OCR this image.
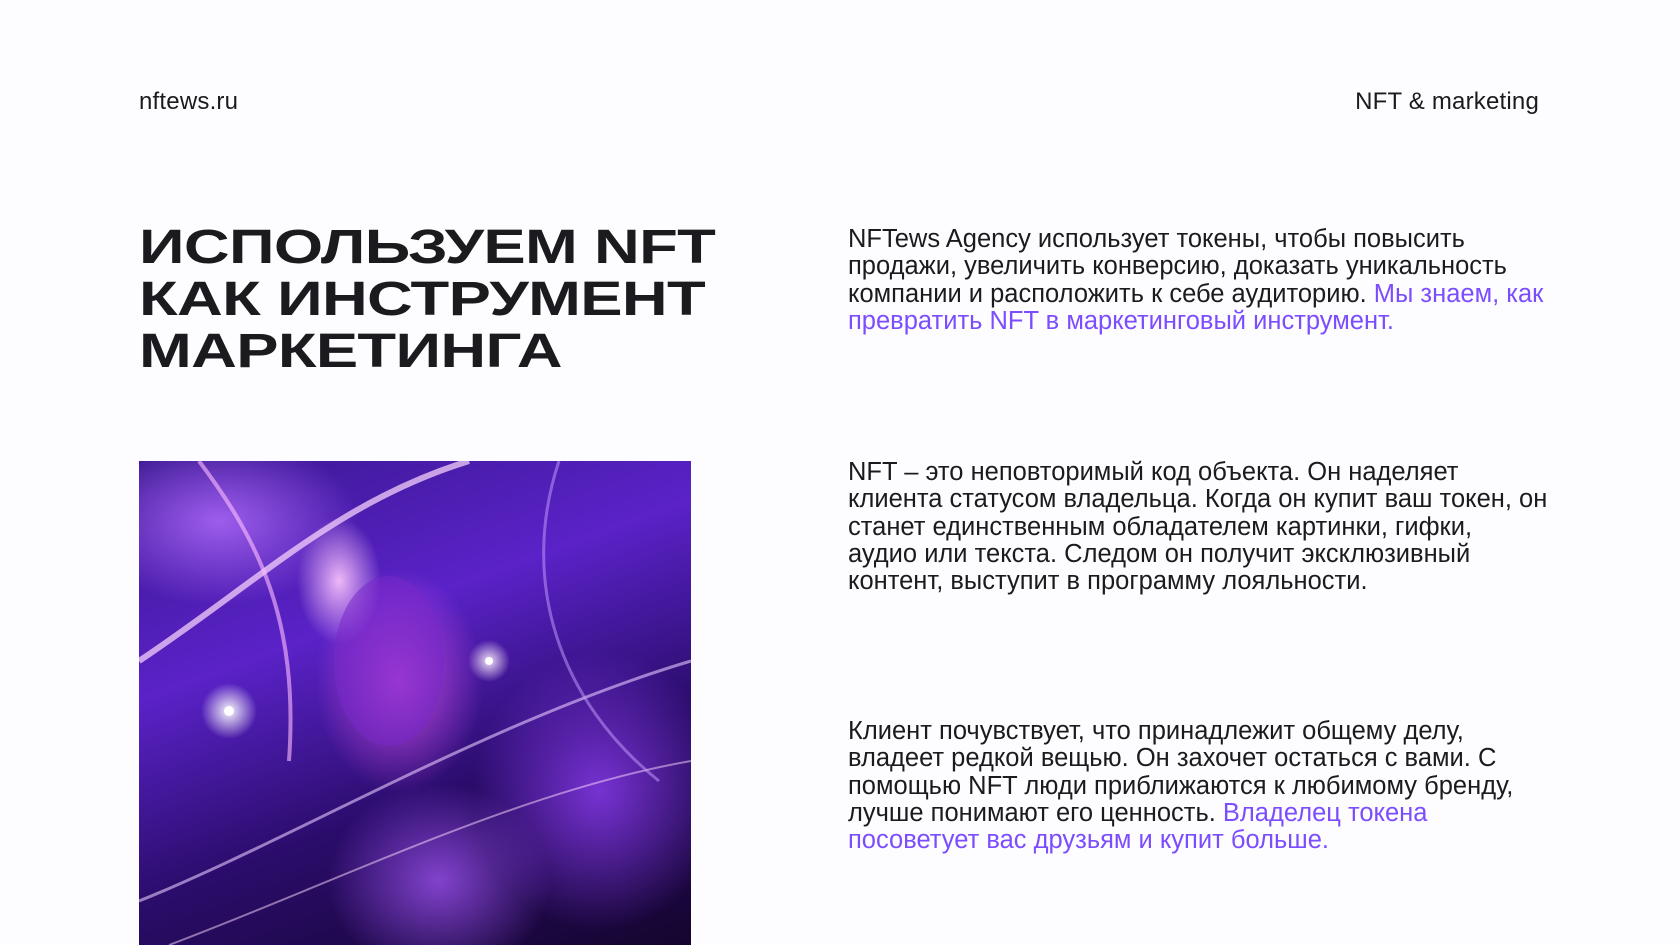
nftews.ru	NFT & marketing
ИСПОЛЬЗУЕМ NFT
КАК ИНСТРУМЕНТ
МАРКЕТИНГА

NFTews Agency использует токены, чтобы повысить продажи, увеличить конверсию, доказать уникальность компании и расположить к себе аудиторию. Мы знаем, как превратить NFT в маркетинговый инструмент.

NFT – это неповторимый код объекта. Он наделяет клиента статусом владельца. Когда он купит ваш токен, он станет единственным обладателем картинки, гифки, аудио или текста. Следом он получит эксклюзивный контент, выступит в программу лояльности.

Клиент почувствует, что принадлежит общему делу, владеет редкой вещью. Он захочет остаться с вами. С помощью NFT люди приближаются к любимому бренду, лучше понимают его ценность. Владелец токена посоветует вас друзьям и купит больше.
